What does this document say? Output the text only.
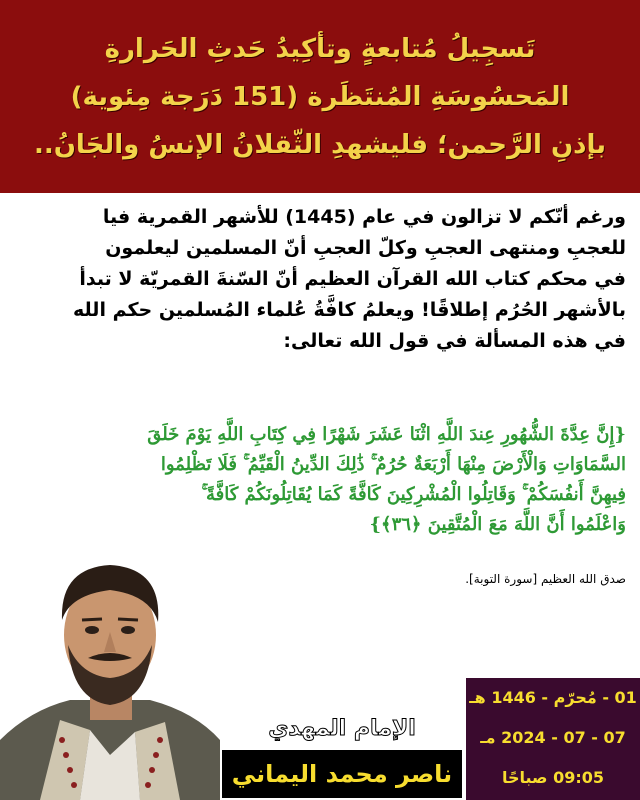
تَسجِيلُ مُتابعةٍ وتأكِيدُ حَدثِ الحَرارةِ
المَحسُوسَةِ المُنتَظَرة (151 دَرَجة مِئوية)
بإذنِ الرَّحمن؛ فليشهدِ الثّقلانُ الإنسُ والجَانُ..
ورغم أنّكم لا تزالون في عام (1445) للأشهر القمرية فيا
للعجبِ ومنتهى العجبِ وكلّ العجبِ أنّ المسلمين ليعلمون
في محكم كتاب الله القرآن العظيم أنّ السّنةَ القمريّة لا تبدأ
بالأشهر الحُرُم إطلاقًا! ويعلمُ كافَّةُ عُلماء المُسلمين حكم الله
في هذه المسألة في قول الله تعالى:
{إِنَّ عِدَّةَ الشُّهُورِ عِندَ اللَّهِ اثْنَا عَشَرَ شَهْرًا فِي كِتَابِ اللَّهِ يَوْمَ خَلَقَ
السَّمَاوَاتِ وَالْأَرْضَ مِنْهَا أَرْبَعَةٌ حُرُمٌ ۚ ذَٰلِكَ الدِّينُ الْقَيِّمُ ۚ فَلَا تَظْلِمُوا
فِيهِنَّ أَنفُسَكُمْ ۚ وَقَاتِلُوا الْمُشْرِكِينَ كَافَّةً كَمَا يُقَاتِلُونَكُمْ كَافَّةً ۚ
وَاعْلَمُوا أَنَّ اللَّهَ مَعَ الْمُتَّقِينَ ﴿٣٦﴾}
صدق الله العظيم [سورة التوبة].
الإمام المهدي
ناصر محمد اليماني
01 - مُحرّم - 1446 هـ
07 - 07 - 2024 مـ
09:05 صباحًا
